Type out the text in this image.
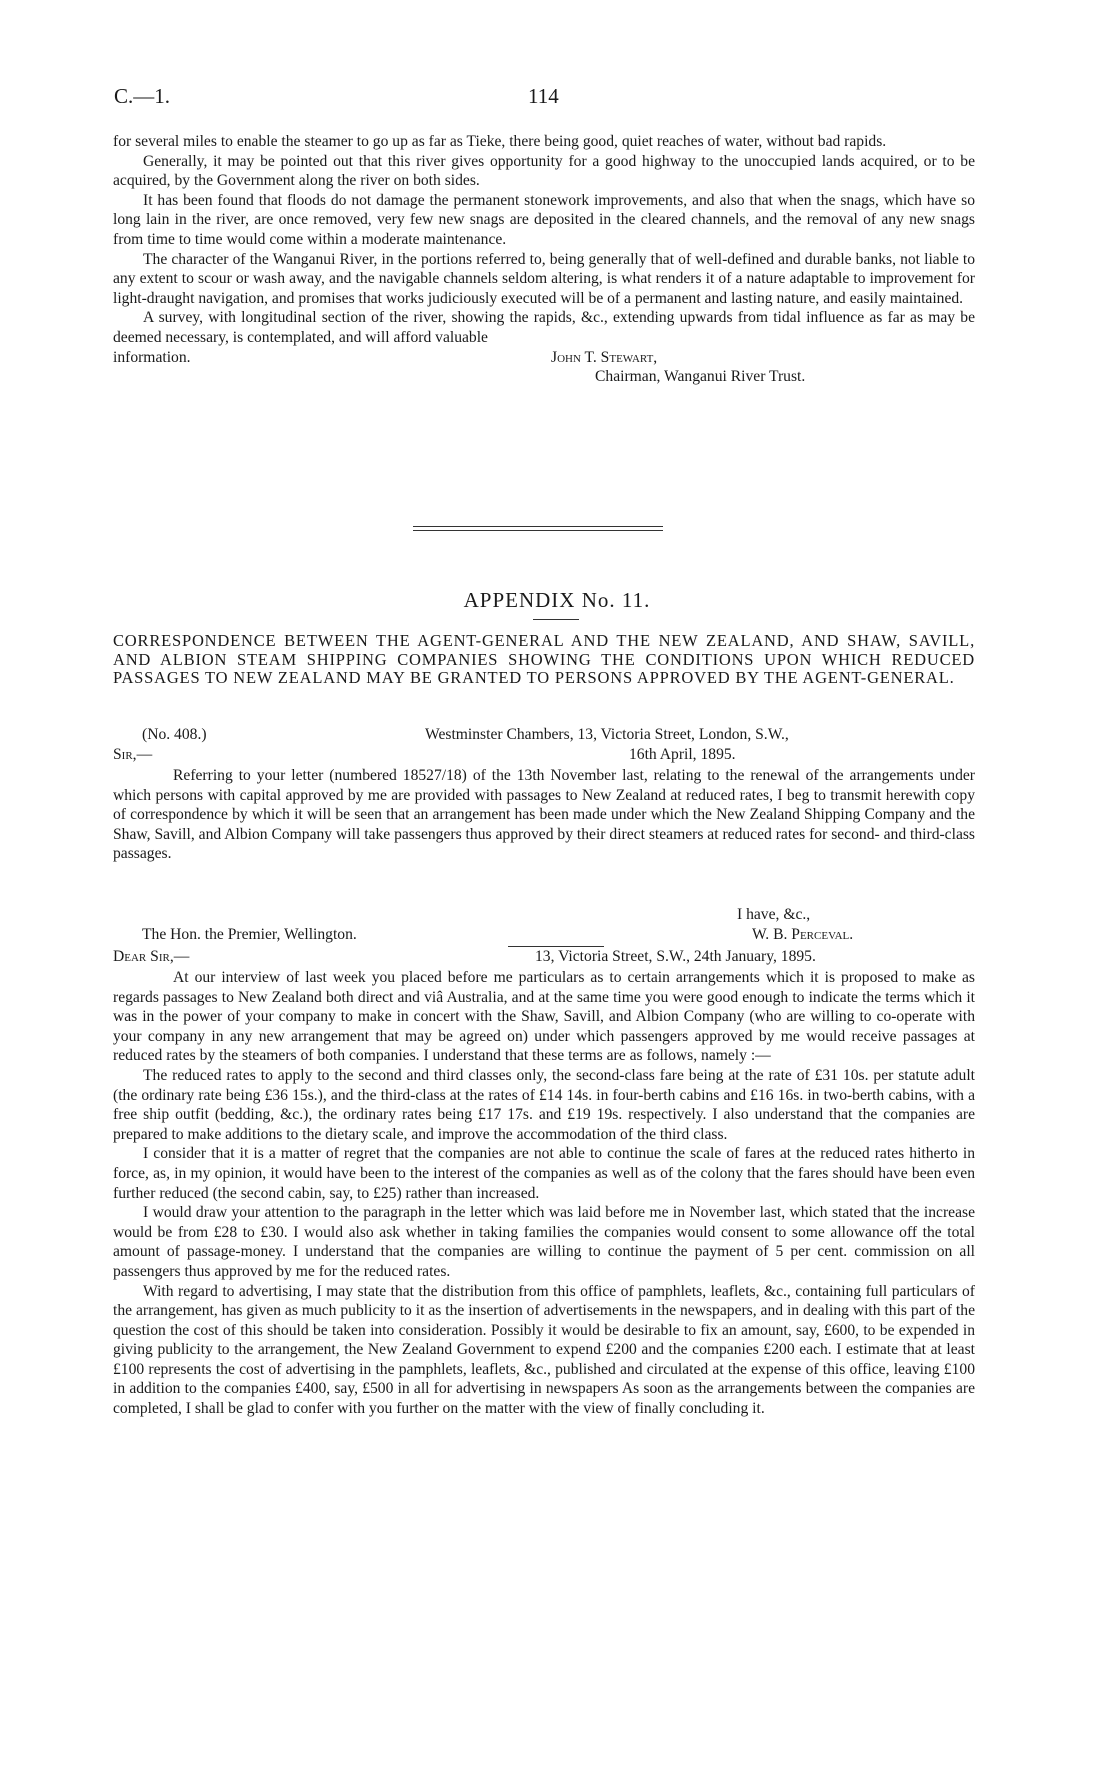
C.—1.	114

for several miles to enable the steamer to go up as far as Tieke, there being good, quiet reaches of water, without bad rapids.

Generally, it may be pointed out that this river gives opportunity for a good highway to the unoccupied lands acquired, or to be acquired, by the Government along the river on both sides.

It has been found that floods do not damage the permanent stonework improvements, and also that when the snags, which have so long lain in the river, are once removed, very few new snags are deposited in the cleared channels, and the removal of any new snags from time to time would come within a moderate maintenance.

The character of the Wanganui River, in the portions referred to, being generally that of well-defined and durable banks, not liable to any extent to scour or wash away, and the navigable channels seldom altering, is what renders it of a nature adaptable to improvement for light-draught navigation, and promises that works judiciously executed will be of a permanent and lasting nature, and easily maintained.

A survey, with longitudinal section of the river, showing the rapids, &c., extending upwards from tidal influence as far as may be deemed necessary, is contemplated, and will afford valuable

information.	John T. Stewart,
Chairman, Wanganui River Trust.
APPENDIX No. 11.
CORRESPONDENCE BETWEEN THE AGENT-GENERAL AND THE NEW ZEALAND, AND SHAW, SAVILL, AND ALBION STEAM SHIPPING COMPANIES SHOWING THE CONDITIONS UPON WHICH REDUCED PASSAGES TO NEW ZEALAND MAY BE GRANTED TO PERSONS APPROVED BY THE AGENT-GENERAL.
(No. 408.)	Westminster Chambers, 13, Victoria Street, London, S.W.,
Sir,—	16th April, 1895.

Referring to your letter (numbered 18527/18) of the 13th November last, relating to the renewal of the arrangements under which persons with capital approved by me are provided with passages to New Zealand at reduced rates, I beg to transmit herewith copy of correspondence by which it will be seen that an arrangement has been made under which the New Zealand Shipping Company and the Shaw, Savill, and Albion Company will take passengers thus approved by their direct steamers at reduced rates for second- and third-class passages.

I have, &c.,
The Hon. the Premier, Wellington.	W. B. Perceval.
Dear Sir,—	13, Victoria Street, S.W., 24th January, 1895.

At our interview of last week you placed before me particulars as to certain arrangements which it is proposed to make as regards passages to New Zealand both direct and viâ Australia, and at the same time you were good enough to indicate the terms which it was in the power of your company to make in concert with the Shaw, Savill, and Albion Company (who are willing to co-operate with your company in any new arrangement that may be agreed on) under which passengers approved by me would receive passages at reduced rates by the steamers of both companies. I understand that these terms are as follows, namely :—

The reduced rates to apply to the second and third classes only, the second-class fare being at the rate of £31 10s. per statute adult (the ordinary rate being £36 15s.), and the third-class at the rates of £14 14s. in four-berth cabins and £16 16s. in two-berth cabins, with a free ship outfit (bedding, &c.), the ordinary rates being £17 17s. and £19 19s. respectively. I also understand that the companies are prepared to make additions to the dietary scale, and improve the accommodation of the third class.

I consider that it is a matter of regret that the companies are not able to continue the scale of fares at the reduced rates hitherto in force, as, in my opinion, it would have been to the interest of the companies as well as of the colony that the fares should have been even further reduced (the second cabin, say, to £25) rather than increased.

I would draw your attention to the paragraph in the letter which was laid before me in November last, which stated that the increase would be from £28 to £30. I would also ask whether in taking families the companies would consent to some allowance off the total amount of passage-money. I understand that the companies are willing to continue the payment of 5 per cent. commission on all passengers thus approved by me for the reduced rates.

With regard to advertising, I may state that the distribution from this office of pamphlets, leaflets, &c., containing full particulars of the arrangement, has given as much publicity to it as the insertion of advertisements in the newspapers, and in dealing with this part of the question the cost of this should be taken into consideration. Possibly it would be desirable to fix an amount, say, £600, to be expended in giving publicity to the arrangement, the New Zealand Government to expend £200 and the companies £200 each. I estimate that at least £100 represents the cost of advertising in the pamphlets, leaflets, &c., published and circulated at the expense of this office, leaving £100 in addition to the companies £400, say, £500 in all for advertising in newspapers As soon as the arrangements between the companies are completed, I shall be glad to confer with you further on the matter with the view of finally concluding it.
